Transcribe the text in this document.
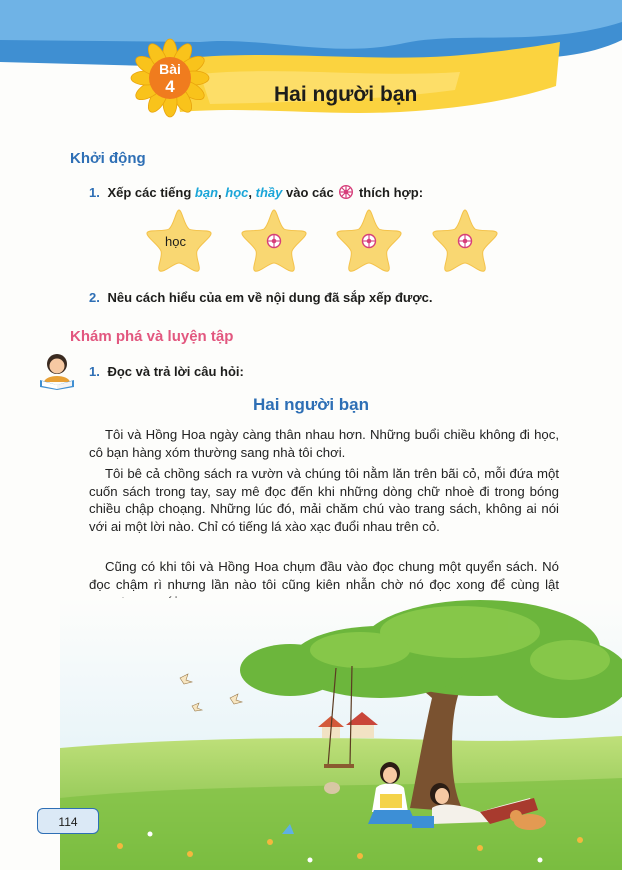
Bài
4	Hai người bạn
Khởi động
1. Xếp các tiếng bạn, học, thầy vào các thích hợp:
học
2. Nêu cách hiểu của em về nội dung đã sắp xếp được.
Khám phá và luyện tập
1. Đọc và trả lời câu hỏi:
Hai người bạn
Tôi và Hồng Hoa ngày càng thân nhau hơn. Những buổi chiều không đi học, cô bạn hàng xóm thường sang nhà tôi chơi.
Tôi bê cả chồng sách ra vườn và chúng tôi nằm lăn trên bãi cỏ, mỗi đứa một cuốn sách trong tay, say mê đọc đến khi những dòng chữ nhoè đi trong bóng chiều chập choạng. Những lúc đó, mải chăm chú vào trang sách, không ai nói với ai một lời nào. Chỉ có tiếng lá xào xạc đuổi nhau trên cỏ.
Cũng có khi tôi và Hồng Hoa chụm đầu vào đọc chung một quyển sách. Nó đọc chậm rì nhưng lần nào tôi cũng kiên nhẫn chờ nó đọc xong để cùng lật
114
